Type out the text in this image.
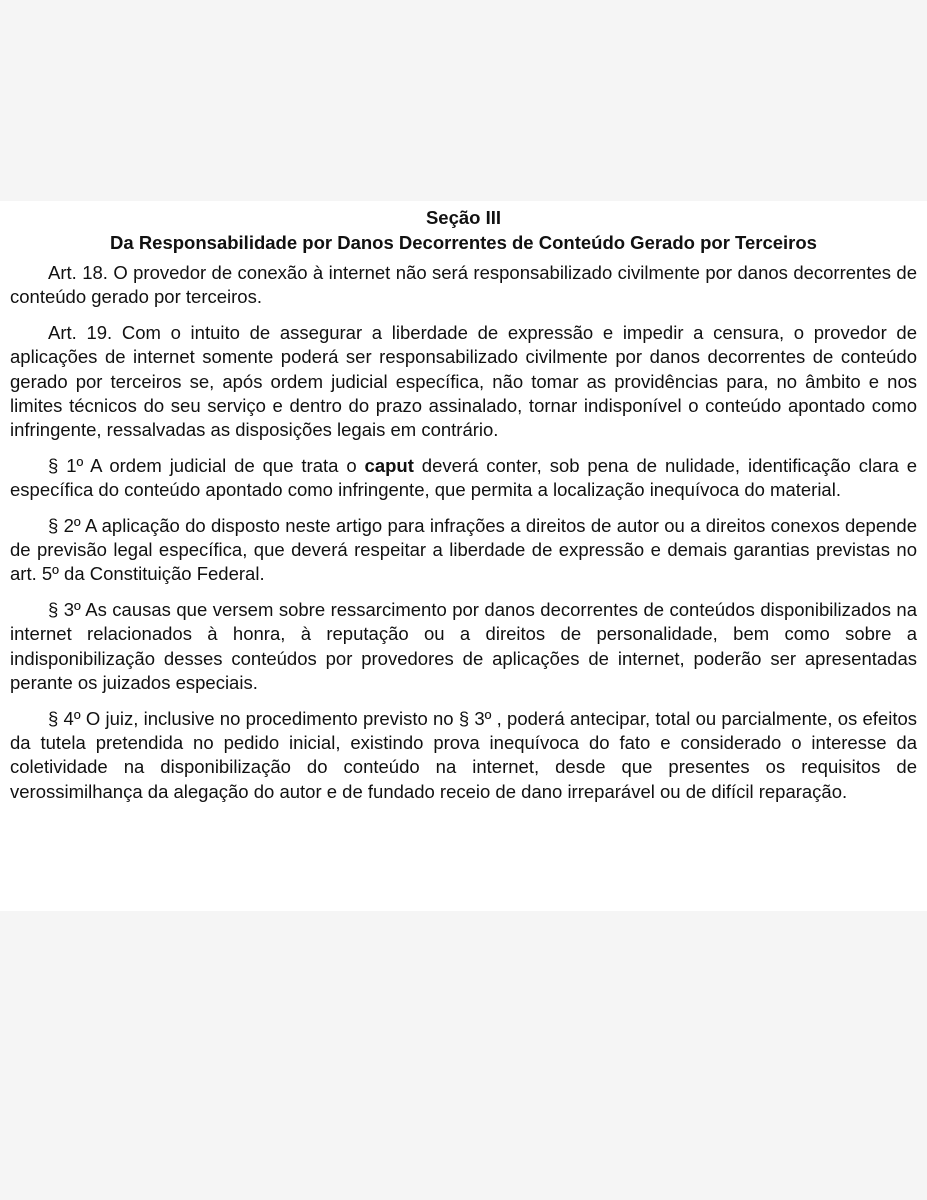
Seção III

Da Responsabilidade por Danos Decorrentes de Conteúdo Gerado por Terceiros

Art. 18. O provedor de conexão à internet não será responsabilizado civilmente por danos decorrentes de conteúdo gerado por terceiros.

Art. 19. Com o intuito de assegurar a liberdade de expressão e impedir a censura, o provedor de aplicações de internet somente poderá ser responsabilizado civilmente por danos decorrentes de conteúdo gerado por terceiros se, após ordem judicial específica, não tomar as providências para, no âmbito e nos limites técnicos do seu serviço e dentro do prazo assinalado, tornar indisponível o conteúdo apontado como infringente, ressalvadas as disposições legais em contrário.

§ 1º A ordem judicial de que trata o caput deverá conter, sob pena de nulidade, identificação clara e específica do conteúdo apontado como infringente, que permita a localização inequívoca do material.

§ 2º A aplicação do disposto neste artigo para infrações a direitos de autor ou a direitos conexos depende de previsão legal específica, que deverá respeitar a liberdade de expressão e demais garantias previstas no art. 5º da Constituição Federal.

§ 3º As causas que versem sobre ressarcimento por danos decorrentes de conteúdos disponibilizados na internet relacionados à honra, à reputação ou a direitos de personalidade, bem como sobre a indisponibilização desses conteúdos por provedores de aplicações de internet, poderão ser apresentadas perante os juizados especiais.

§ 4º O juiz, inclusive no procedimento previsto no § 3º , poderá antecipar, total ou parcialmente, os efeitos da tutela pretendida no pedido inicial, existindo prova inequívoca do fato e considerado o interesse da coletividade na disponibilização do conteúdo na internet, desde que presentes os requisitos de verossimilhança da alegação do autor e de fundado receio de dano irreparável ou de difícil reparação.
